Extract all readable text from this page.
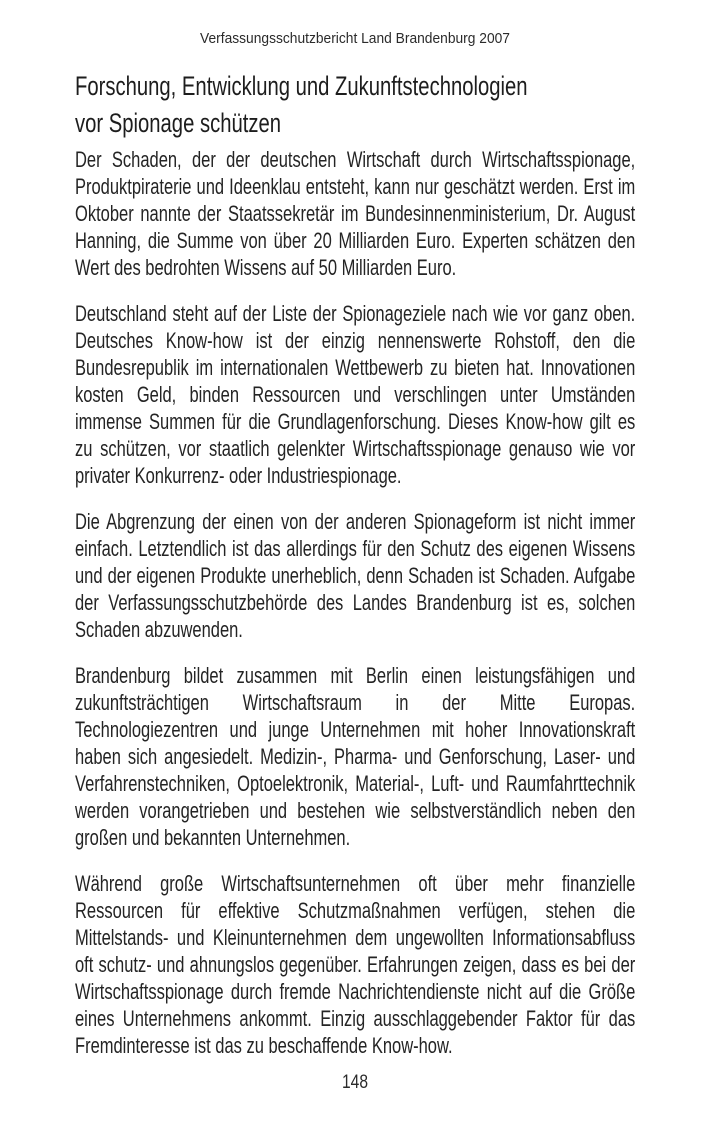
Verfassungsschutzbericht Land Brandenburg 2007
Forschung, Entwicklung und Zukunftstechnologien
vor Spionage schützen

Der Schaden, der der deutschen Wirtschaft durch Wirtschaftsspionage, Produktpiraterie und Ideenklau entsteht, kann nur geschätzt werden. Erst im Oktober nannte der Staatssekretär im Bundesinnenministerium, Dr. August Hanning, die Summe von über 20 Milliarden Euro. Experten schätzen den Wert des bedrohten Wissens auf 50 Milliarden Euro.

Deutschland steht auf der Liste der Spionageziele nach wie vor ganz oben. Deutsches Know-how ist der einzig nennenswerte Rohstoff, den die Bundesrepublik im internationalen Wettbewerb zu bieten hat. Innovationen kosten Geld, binden Ressourcen und verschlingen unter Umständen immense Summen für die Grundlagenforschung. Dieses Know-how gilt es zu schützen, vor staatlich gelenkter Wirtschaftsspionage genauso wie vor privater Konkurrenz- oder Industriespionage.

Die Abgrenzung der einen von der anderen Spionageform ist nicht immer einfach. Letztendlich ist das allerdings für den Schutz des eigenen Wissens und der eigenen Produkte unerheblich, denn Schaden ist Schaden. Aufgabe der Verfassungsschutzbehörde des Landes Brandenburg ist es, solchen Schaden abzuwenden.

Brandenburg bildet zusammen mit Berlin einen leistungsfähigen und zukunftsträchtigen Wirtschaftsraum in der Mitte Europas. Technologiezentren und junge Unternehmen mit hoher Innovationskraft haben sich angesiedelt. Medizin-, Pharma- und Genforschung, Laser- und Verfahrenstechniken, Optoelektronik, Material-, Luft- und Raumfahrttechnik werden vorangetrieben und bestehen wie selbstverständlich neben den großen und bekannten Unternehmen.

Während große Wirtschaftsunternehmen oft über mehr finanzielle Ressourcen für effektive Schutzmaßnahmen verfügen, stehen die Mittelstands- und Kleinunternehmen dem ungewollten Informationsabfluss oft schutz- und ahnungslos gegenüber. Erfahrungen zeigen, dass es bei der Wirtschaftsspionage durch fremde Nachrichtendienste nicht auf die Größe eines Unternehmens ankommt. Einzig ausschlaggebender Faktor für das Fremdinteresse ist das zu beschaffende Know-how.

148
